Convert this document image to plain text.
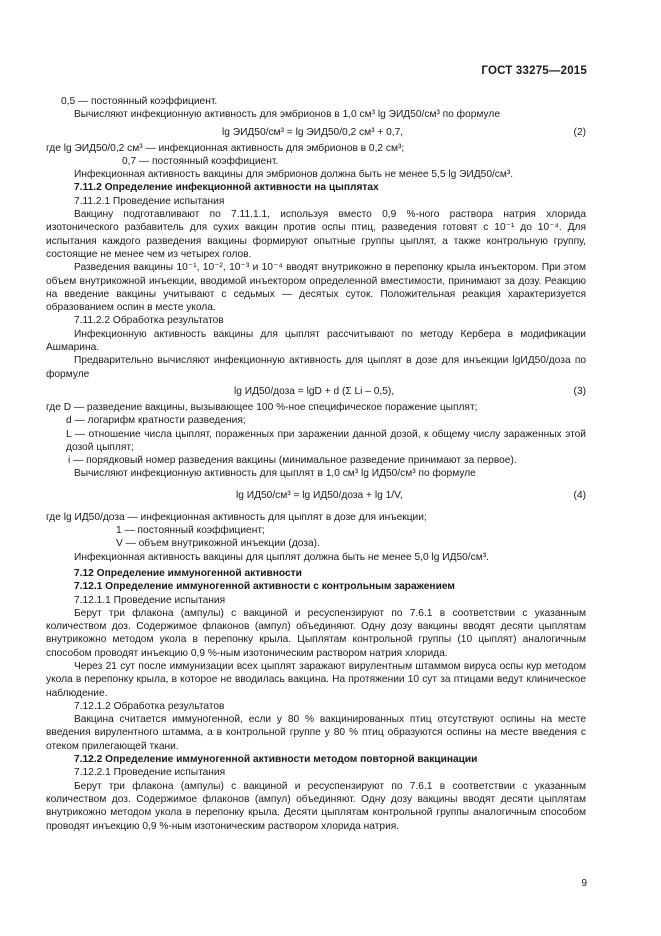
ГОСТ 33275—2015

0,5 — постоянный коэффициент.

Вычисляют инфекционную активность для эмбрионов в 1,0 см³ lg ЭИД50/см³ по формуле

lg ЭИД50/см³ = lg ЭИД50/0,2 см³ + 0,7,	(2)

где lg ЭИД50/0,2 см³ — инфекционная активность для эмбрионов в 0,2 см³;

0,7 — постоянный коэффициент.

Инфекционная активность вакцины для эмбрионов должна быть не менее 5,5 lg ЭИД50/см³.

7.11.2 Определение инфекционной активности на цыплятах

7.11.2.1 Проведение испытания

Вакцину подготавливают по 7.11.1.1, используя вместо 0,9 %-ного раствора натрия хлорида изотонического разбавитель для сухих вакцин против оспы птиц, разведения готовят с 10⁻¹ до 10⁻⁴. Для испытания каждого разведения вакцины формируют опытные группы цыплят, а также контрольную группу, состоящие не менее чем из четырех голов.

Разведения вакцины 10⁻¹, 10⁻², 10⁻³ и 10⁻⁴ вводят внутрикожно в перепонку крыла инъектором. При этом объем внутрикожной инъекции, вводимой инъектором определенной вместимости, принимают за дозу. Реакцию на введение вакцины учитывают с седьмых — десятых суток. Положительная реакция характеризуется образованием оспин в месте укола.

7.11.2.2 Обработка результатов

Инфекционную активность вакцины для цыплят рассчитывают по методу Кербера в модификации Ашмарина.

Предварительно вычисляют инфекционную активность для цыплят в дозе для инъекции lgИД50/доза по формуле

lg ИД50/доза = lgD + d (Σ Li – 0,5),	(3)

где D — разведение вакцины, вызывающее 100 %-ное специфическое поражение цыплят;

d — логарифм кратности разведения;

L — отношение числа цыплят, пораженных при заражении данной дозой, к общему числу зараженных этой дозой цыплят;

i — порядковый номер разведения вакцины (минимальное разведение принимают за первое).

Вычисляют инфекционную активность для цыплят в 1,0 см³ lg ИД50/см³ по формуле

lg ИД50/см³ = lg ИД50/доза + lg 1/V,	(4)

где lg ИД50/доза — инфекционная активность для цыплят в дозе для инъекции;

1 — постоянный коэффициент;

V — объем внутрикожной инъекции (доза).

Инфекционная активность вакцины для цыплят должна быть не менее 5,0 lg ИД50/см³.

7.12 Определение иммуногенной активности

7.12.1 Определение иммуногенной активности с контрольным заражением

7.12.1.1 Проведение испытания

Берут три флакона (ампулы) с вакциной и ресуспензируют по 7.6.1 в соответствии с указанным количеством доз. Содержимое флаконов (ампул) объединяют. Одну дозу вакцины вводят десяти цыплятам внутрикожно методом укола в перепонку крыла. Цыплятам контрольной группы (10 цыплят) аналогичным способом проводят инъекцию 0,9 %-ным изотоническим раствором натрия хлорида.

Через 21 сут после иммунизации всех цыплят заражают вирулентным штаммом вируса оспы кур методом укола в перепонку крыла, в которое не вводилась вакцина. На протяжении 10 сут за птицами ведут клиническое наблюдение.

7.12.1.2 Обработка результатов

Вакцина считается иммуногенной, если у 80 % вакцинированных птиц отсутствуют оспины на месте введения вирулентного штамма, а в контрольной группе у 80 % птиц образуются оспины на месте введения с отеком прилегающей ткани.

7.12.2 Определение иммуногенной активности методом повторной вакцинации

7.12.2.1 Проведение испытания

Берут три флакона (ампулы) с вакциной и ресуспензируют по 7.6.1 в соответствии с указанным количеством доз. Содержимое флаконов (ампул) объединяют. Одну дозу вакцины вводят десяти цыплятам внутрикожно методом укола в перепонку крыла. Десяти цыплятам контрольной группы аналогичным способом проводят инъекцию 0,9 %-ным изотоническим раствором хлорида натрия.

9
